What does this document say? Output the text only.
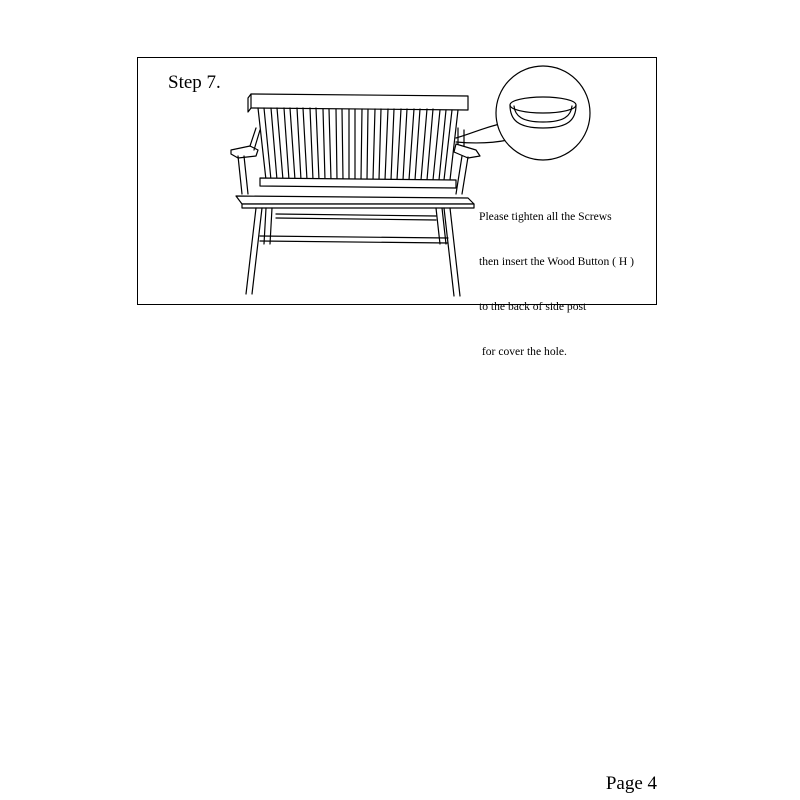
Step 7.

Please tighten all the Screws

then insert the Wood Button ( H )

to the back of side post

for cover the hole.

Page 4
